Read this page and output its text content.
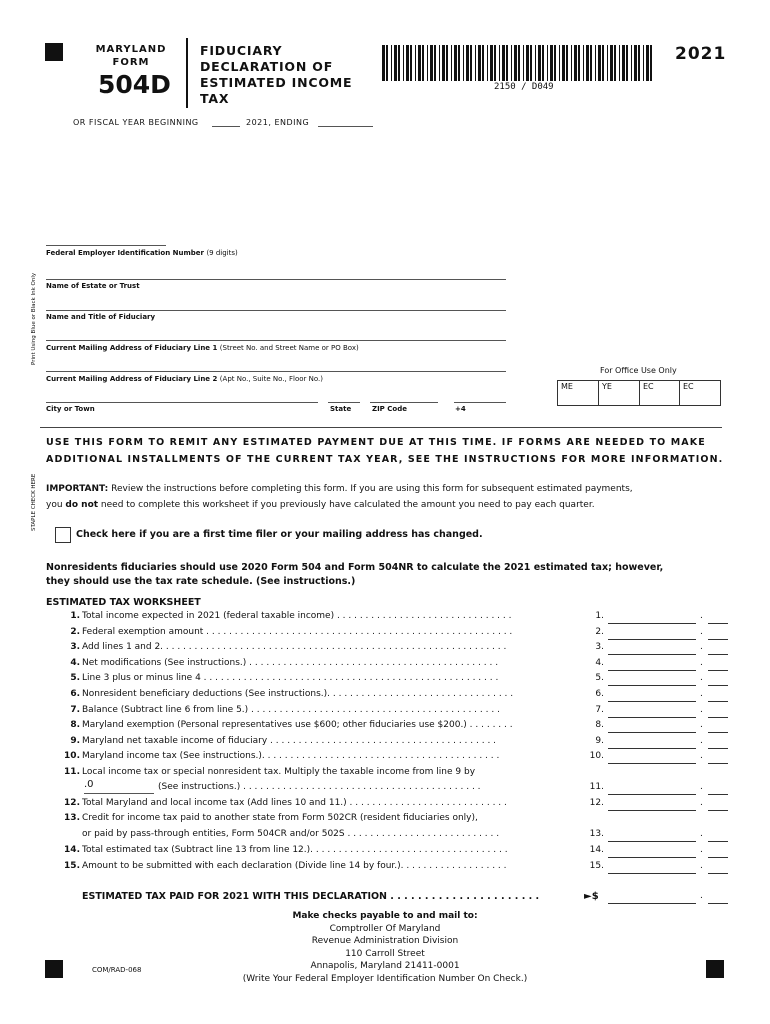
MARYLAND
FORM
504D
FIDUCIARY
DECLARATION OF
ESTIMATED INCOME
TAX
2150 / D049
2021
OR FISCAL YEAR BEGINNING	2021, ENDING
Print Using Blue or Black Ink Only
STAPLE CHECK HERE
Federal Employer Identification Number (9 digits)
Name of Estate or Trust
Name and Title of Fiduciary
Current Mailing Address of Fiduciary Line 1 (Street No. and Street Name or PO Box)
Current Mailing Address of Fiduciary Line 2 (Apt No., Suite No., Floor No.)
City or Town	State	ZIP Code	+4
For Office Use Only
ME	YE	EC	EC
USE THIS FORM TO REMIT ANY ESTIMATED PAYMENT DUE AT THIS TIME. IF FORMS ARE NEEDED TO MAKE
ADDITIONAL INSTALLMENTS OF THE CURRENT TAX YEAR, SEE THE INSTRUCTIONS FOR MORE INFORMATION.
IMPORTANT: Review the instructions before completing this form. If you are using this form for subsequent estimated payments,
you do not need to complete this worksheet if you previously have calculated the amount you need to pay each quarter.
Check here if you are a first time filer or your mailing address has changed.
Nonresidents fiduciaries should use 2020 Form 504 and Form 504NR to calculate the 2021 estimated tax; however,
they should use the tax rate schedule. (See instructions.)
ESTIMATED TAX WORKSHEET
1. Total income expected in 2021 (federal taxable income) . . . . . . . . . . . . . . . . . . . . . . . . . . . . . . .	1.	.
2. Federal exemption amount . . . . . . . . . . . . . . . . . . . . . . . . . . . . . . . . . . . . . . . . . . . . . . . . . . . . . .	2.	.
3. Add lines 1 and 2. . . . . . . . . . . . . . . . . . . . . . . . . . . . . . . . . . . . . . . . . . . . . . . . . . . . . . . . . . . . .	3.	.
4. Net modifications (See instructions.) . . . . . . . . . . . . . . . . . . . . . . . . . . . . . . . . . . . . . . . . . . . .	4.	.
5. Line 3 plus or minus line 4 . . . . . . . . . . . . . . . . . . . . . . . . . . . . . . . . . . . . . . . . . . . . . . . . . . . .	5.	.
6. Nonresident beneficiary deductions (See instructions.). . . . . . . . . . . . . . . . . . . . . . . . . . . . . . . . .	6.	.
7. Balance (Subtract line 6 from line 5.) . . . . . . . . . . . . . . . . . . . . . . . . . . . . . . . . . . . . . . . . . . . .	7.	.
8. Maryland exemption (Personal representatives use $600; other fiduciaries use $200.) . . . . . . . .	8.	.
9. Maryland net taxable income of fiduciary . . . . . . . . . . . . . . . . . . . . . . . . . . . . . . . . . . . . . . . .	9.	.
10. Maryland income tax (See instructions.). . . . . . . . . . . . . . . . . . . . . . . . . . . . . . . . . . . . . . . . . .	10.	.
11. Local income tax or special nonresident tax. Multiply the taxable income from line 9 by
.0	(See instructions.) . . . . . . . . . . . . . . . . . . . . . . . . . . . . . . . . . . . . . . . . . .	11.	.
12. Total Maryland and local income tax (Add lines 10 and 11.) . . . . . . . . . . . . . . . . . . . . . . . . . . . .	12.	.
13. Credit for income tax paid to another state from Form 502CR (resident fiduciaries only),
or paid by pass-through entities, Form 504CR and/or 502S . . . . . . . . . . . . . . . . . . . . . . . . . . .	13.	.
14. Total estimated tax (Subtract line 13 from line 12.). . . . . . . . . . . . . . . . . . . . . . . . . . . . . . . . . . .	14.	.
15. Amount to be submitted with each declaration (Divide line 14 by four.). . . . . . . . . . . . . . . . . . .	15.	.
ESTIMATED TAX PAID FOR 2021 WITH THIS DECLARATION . . . . . . . . . . . . . . . . . . . . . .	►$	.
Make checks payable to and mail to:
Comptroller Of Maryland
Revenue Administration Division
110 Carroll Street
Annapolis, Maryland 21411-0001
(Write Your Federal Employer Identification Number On Check.)
COM/RAD-068
